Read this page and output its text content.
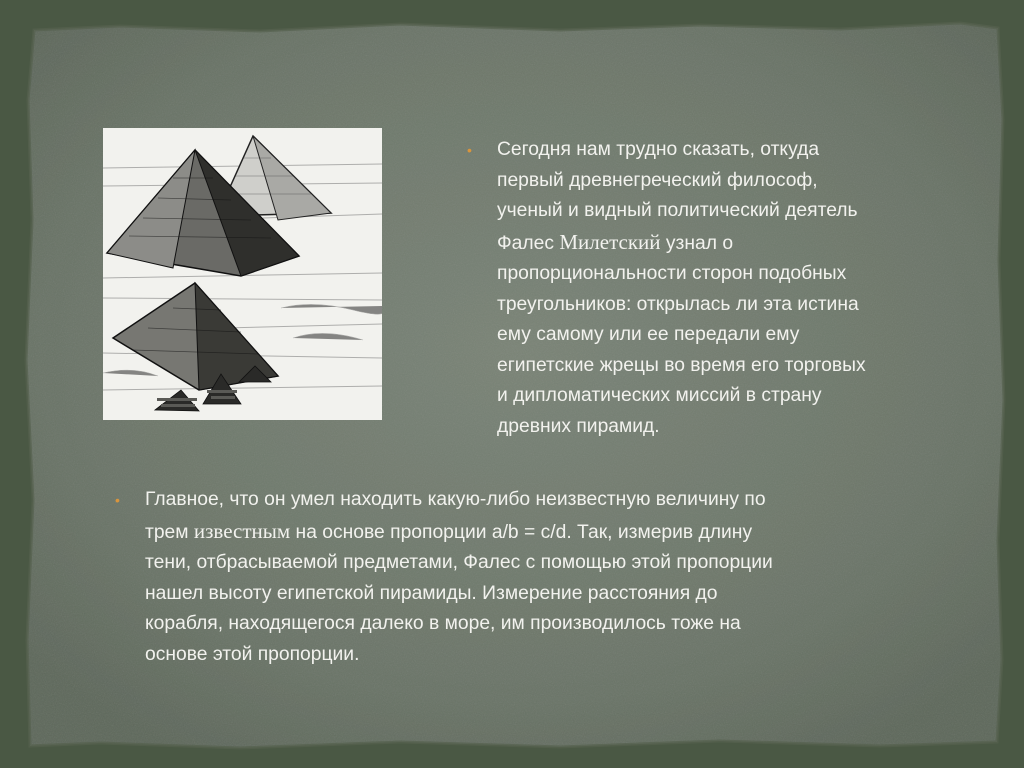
• Сегодня нам трудно сказать, откуда
первый древнегреческий философ,
ученый и видный политический деятель
Фалес Милетский узнал о
пропорциональности сторон подобных
треугольников: открылась ли эта истина
ему самому или ее передали ему
египетские жрецы во время его торговых
и дипломатических миссий в страну
древних пирамид.
• Главное, что он умел находить какую-либо неизвестную величину по
трем известным на основе пропорции a/b = c/d. Так, измерив длину
тени, отбрасываемой предметами, Фалес с помощью этой пропорции
нашел высоту египетской пирамиды. Измерение расстояния до
корабля, находящегося далеко в море, им производилось тоже на
основе этой пропорции.
